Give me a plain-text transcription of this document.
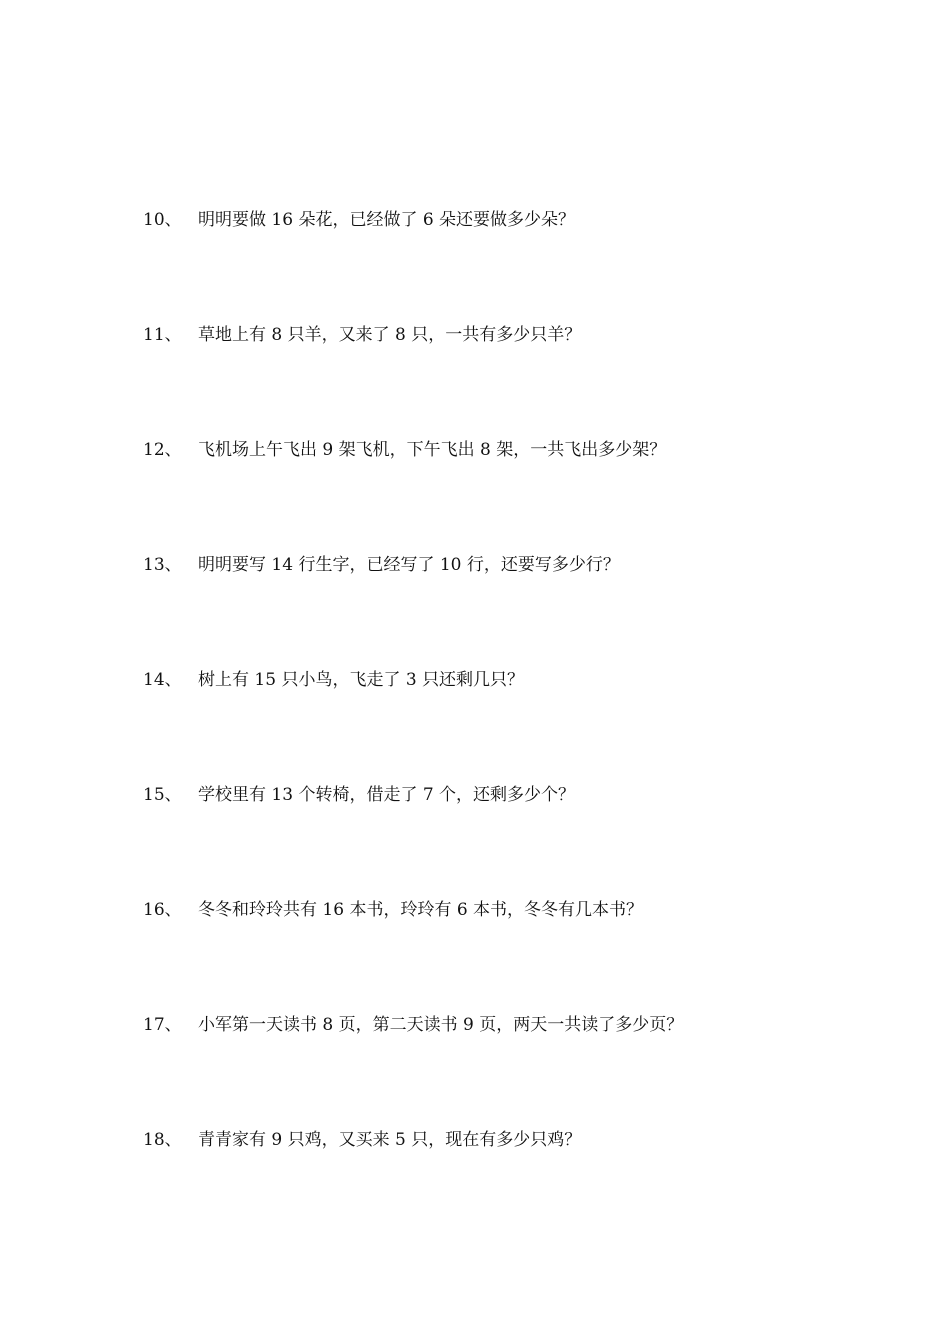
10、 明明要做 16 朵花，已经做了 6 朵还要做多少朵？
11、 草地上有 8 只羊，又来了 8 只，一共有多少只羊？
12、 飞机场上午飞出 9 架飞机，下午飞出 8 架，一共飞出多少架？
13、 明明要写 14 行生字，已经写了 10 行，还要写多少行？
14、 树上有 15 只小鸟，飞走了 3 只还剩几只？
15、 学校里有 13 个转椅，借走了 7 个，还剩多少个？
16、 冬冬和玲玲共有 16 本书，玲玲有 6 本书，冬冬有几本书？
17、 小军第一天读书 8 页，第二天读书 9 页，两天一共读了多少页？
18、 青青家有 9 只鸡，又买来 5 只，现在有多少只鸡？
